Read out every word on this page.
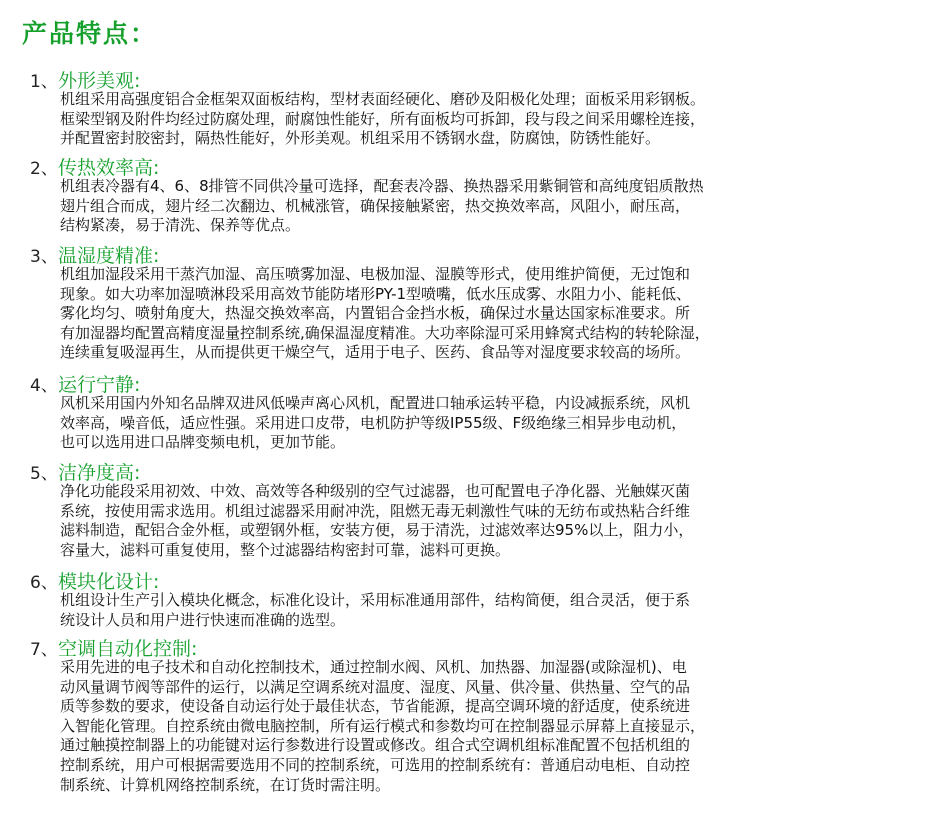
产品特点：
1、 外形美观:
机组采用高强度铝合金框架双面板结构，型材表面经硬化、磨砂及阳极化处理；面板采用彩钢板。
框梁型钢及附件均经过防腐处理，耐腐蚀性能好，所有面板均可拆卸，段与段之间采用螺栓连接，
并配置密封胶密封，隔热性能好，外形美观。机组采用不锈钢水盘，防腐蚀，防锈性能好。
2、 传热效率高:
机组表冷器有4、6、8排管不同供冷量可选择，配套表冷器、换热器采用紫铜管和高纯度铝质散热
翅片组合而成，翅片经二次翻边、机械涨管，确保接触紧密，热交换效率高，风阻小，耐压高，
结构紧凑，易于清洗、保养等优点。
3、 温湿度精准:
机组加湿段采用干蒸汽加湿、高压喷雾加湿、电极加湿、湿膜等形式，使用维护简便，无过饱和
现象。如大功率加湿喷淋段采用高效节能防堵形PY-1型喷嘴，低水压成雾、水阻力小、能耗低、
雾化均匀、喷射角度大，热湿交换效率高，内置铝合金挡水板，确保过水量达国家标准要求。所
有加湿器均配置高精度湿量控制系统,确保温湿度精准。大功率除湿可采用蜂窝式结构的转轮除湿，
连续重复吸湿再生，从而提供更干燥空气，适用于电子、医药、食品等对湿度要求较高的场所。
4、 运行宁静:
风机采用国内外知名品牌双进风低噪声离心风机，配置进口轴承运转平稳，内设减振系统，风机
效率高，噪音低，适应性强。采用进口皮带，电机防护等级IP55级、F级绝缘三相异步电动机，
也可以选用进口品牌变频电机，更加节能。
5、 洁净度高:
净化功能段采用初效、中效、高效等各种级别的空气过滤器，也可配置电子净化器、光触媒灭菌
系统，按使用需求选用。机组过滤器采用耐冲洗，阻燃无毒无刺激性气味的无纺布或热粘合纤维
滤料制造，配铝合金外框，或塑钢外框，安装方便，易于清洗，过滤效率达95%以上，阻力小，
容量大，滤料可重复使用，整个过滤器结构密封可靠，滤料可更换。
6、 模块化设计:
机组设计生产引入模块化概念，标准化设计，采用标准通用部件，结构简便，组合灵活，便于系
统设计人员和用户进行快速而准确的选型。
7、 空调自动化控制:
采用先进的电子技术和自动化控制技术，通过控制水阀、风机、加热器、加湿器(或除湿机)、电
动风量调节阀等部件的运行，以满足空调系统对温度、湿度、风量、供冷量、供热量、空气的品
质等参数的要求，使设备自动运行处于最佳状态，节省能源，提高空调环境的舒适度，使系统进
入智能化管理。自控系统由微电脑控制，所有运行模式和参数均可在控制器显示屏幕上直接显示，
通过触摸控制器上的功能键对运行参数进行设置或修改。组合式空调机组标准配置不包括机组的
控制系统，用户可根据需要选用不同的控制系统，可选用的控制系统有：普通启动电柜、自动控
制系统、计算机网络控制系统，在订货时需注明。
